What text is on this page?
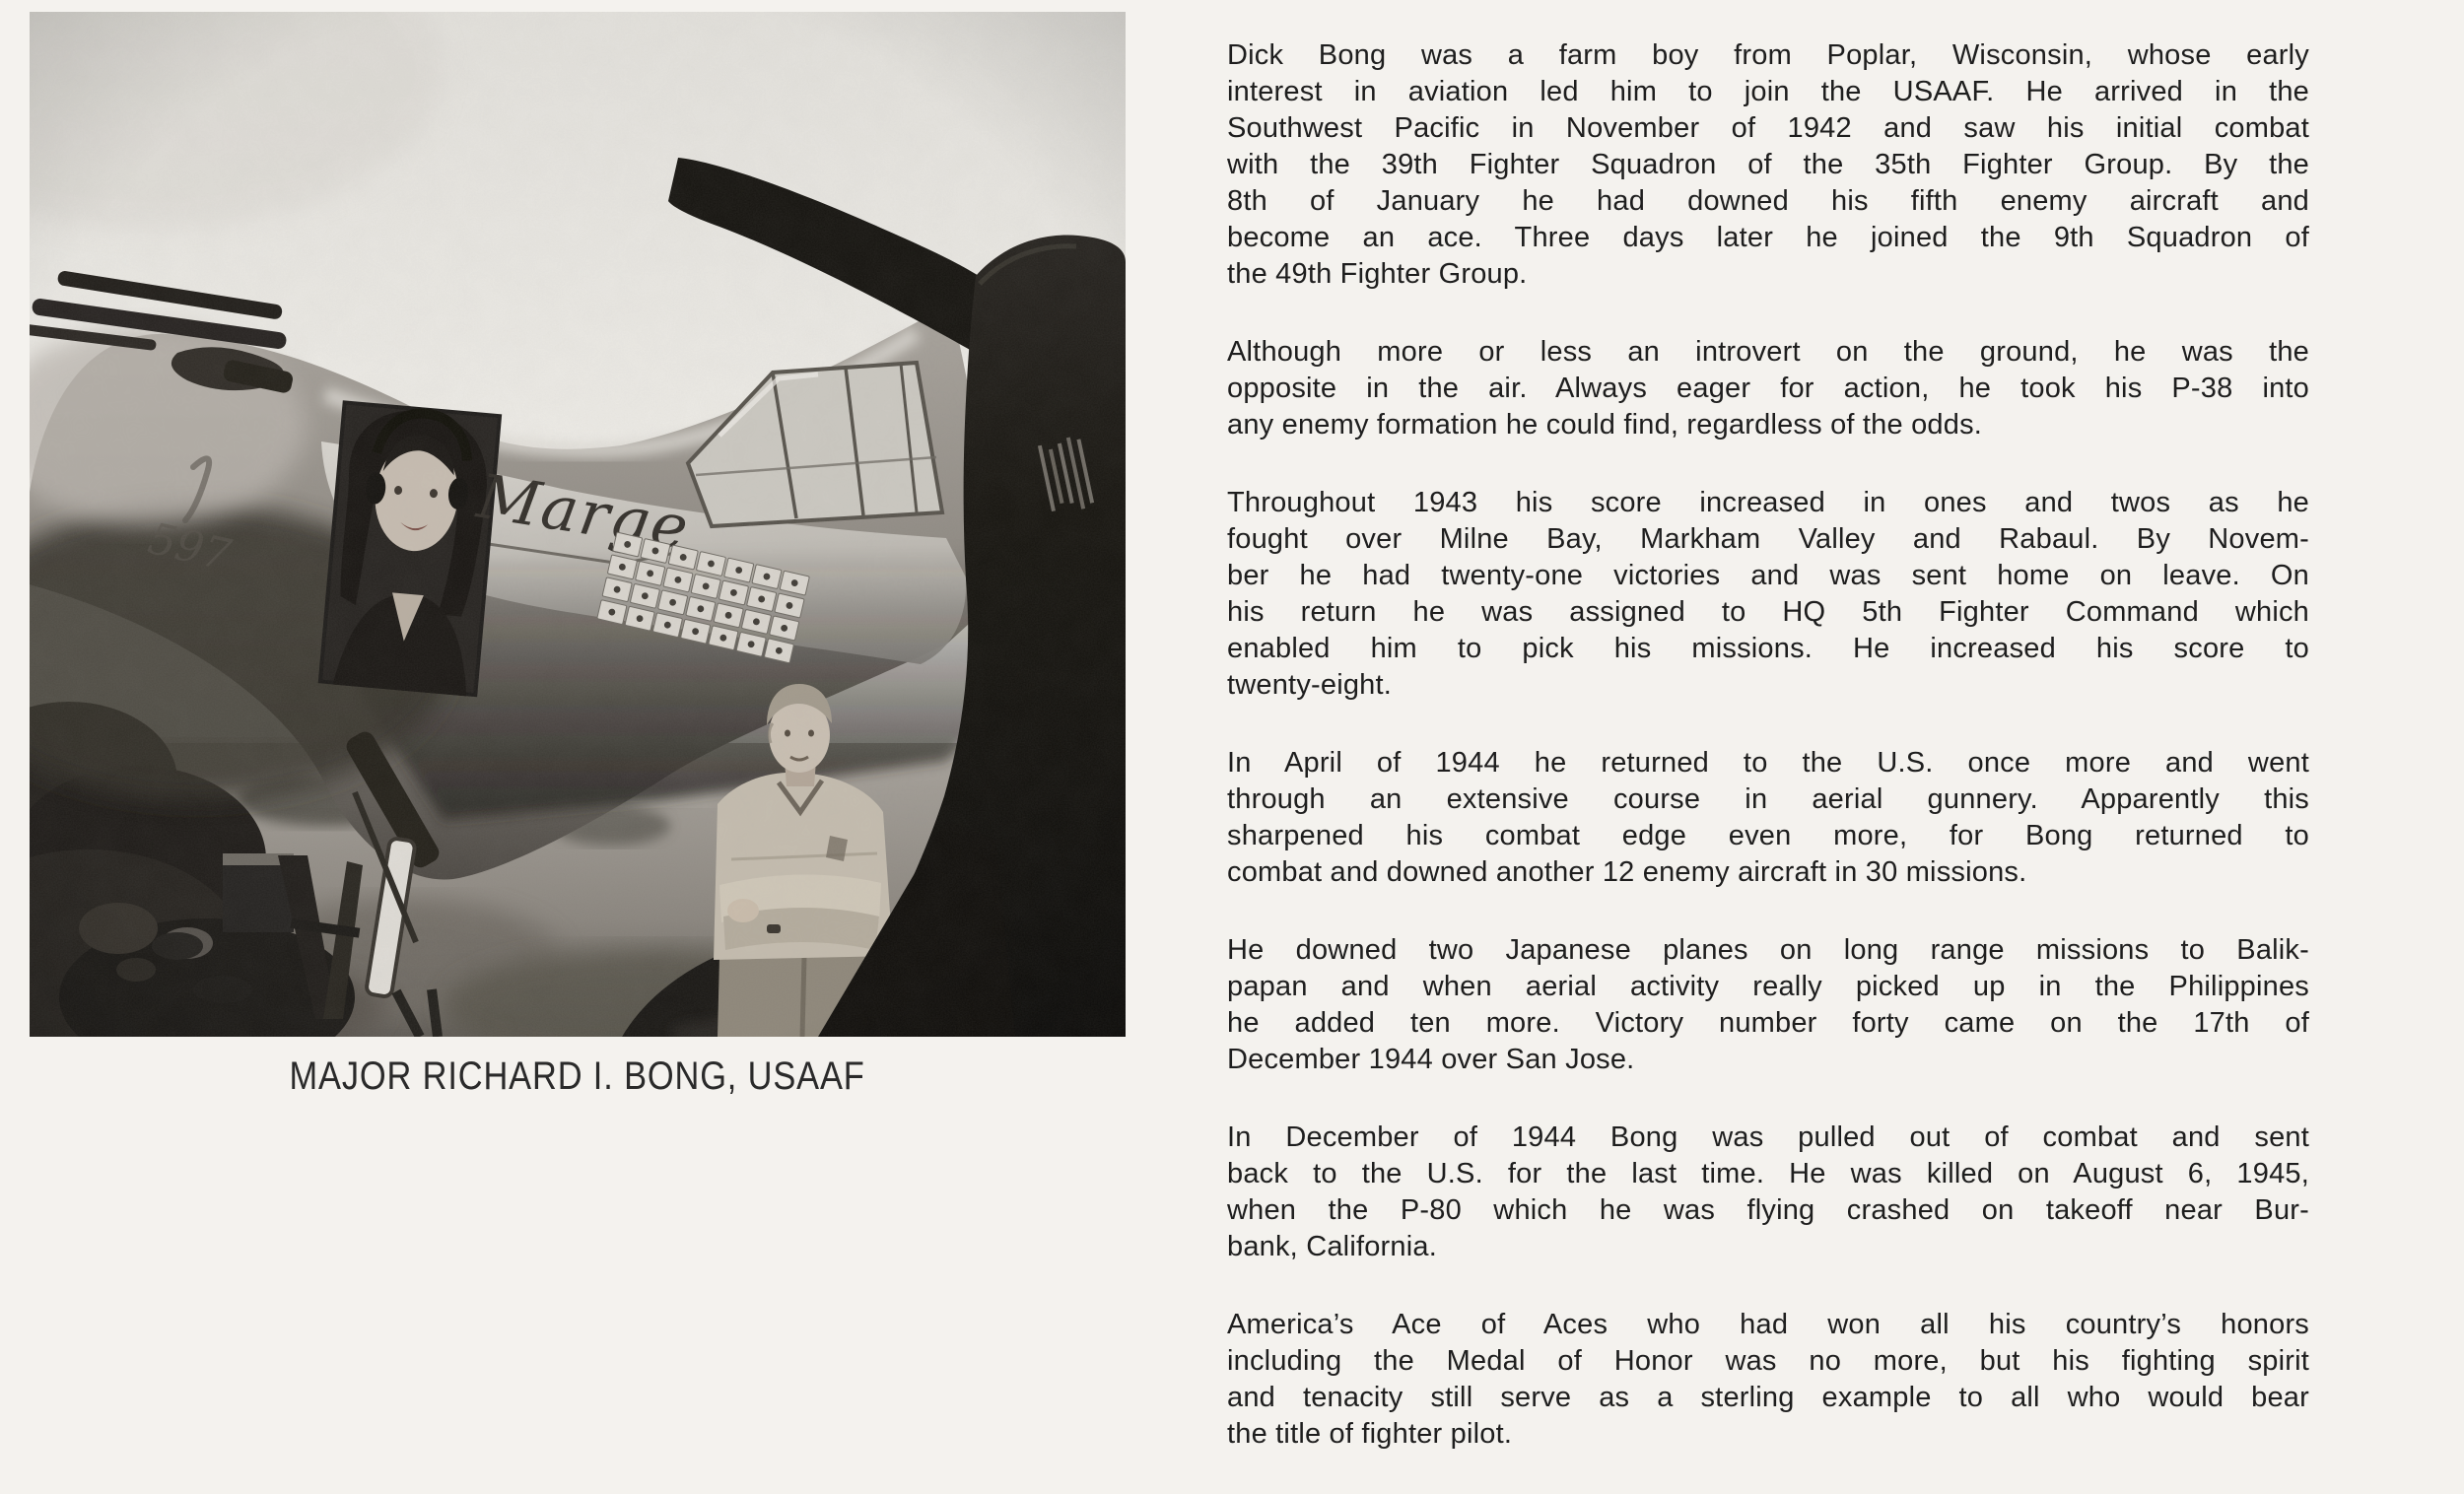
MAJOR RICHARD I. BONG, USAAF

Dick Bong was a farm boy from Poplar, Wisconsin, whose early
interest in aviation led him to join the USAAF. He arrived in the
Southwest Pacific in November of 1942 and saw his initial combat
with the 39th Fighter Squadron of the 35th Fighter Group. By the
8th of January he had downed his fifth enemy aircraft and
become an ace. Three days later he joined the 9th Squadron of
the 49th Fighter Group.

Although more or less an introvert on the ground, he was the
opposite in the air. Always eager for action, he took his P-38 into
any enemy formation he could find, regardless of the odds.

Throughout 1943 his score increased in ones and twos as he
fought over Milne Bay, Markham Valley and Rabaul. By Novem-
ber he had twenty-one victories and was sent home on leave. On
his return he was assigned to HQ 5th Fighter Command which
enabled him to pick his missions. He increased his score to
twenty-eight.

In April of 1944 he returned to the U.S. once more and went
through an extensive course in aerial gunnery. Apparently this
sharpened his combat edge even more, for Bong returned to
combat and downed another 12 enemy aircraft in 30 missions.

He downed two Japanese planes on long range missions to Balik-
papan and when aerial activity really picked up in the Philippines
he added ten more. Victory number forty came on the 17th of
December 1944 over San Jose.

In December of 1944 Bong was pulled out of combat and sent
back to the U.S. for the last time. He was killed on August 6, 1945,
when the P-80 which he was flying crashed on takeoff near Bur-
bank, California.

America’s Ace of Aces who had won all his country’s honors
including the Medal of Honor was no more, but his fighting spirit
and tenacity still serve as a sterling example to all who would bear
the title of fighter pilot.
